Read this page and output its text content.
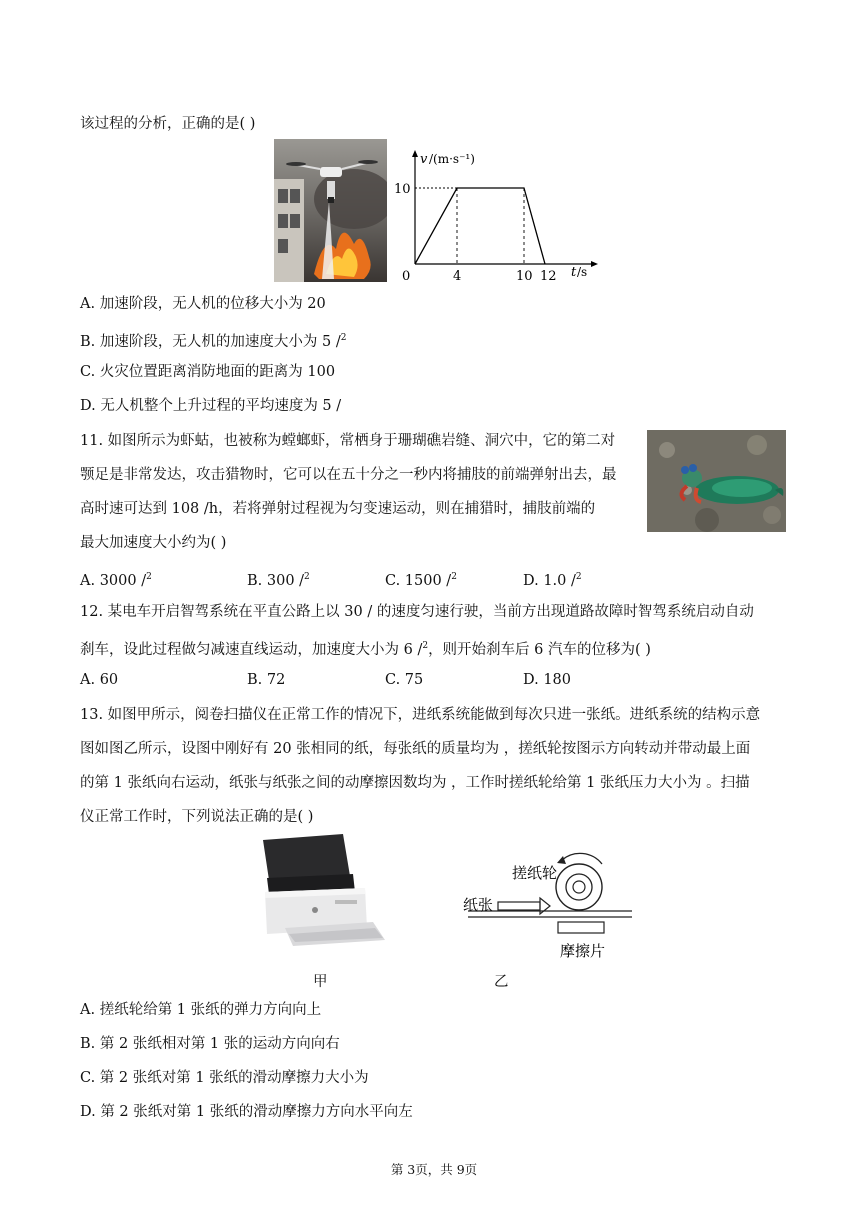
该过程的分析，正确的是( )
10
0	4	10 12
v /(m·s⁻¹)
t /s
A. 加速阶段，无人机的位移大小为 20
B. 加速阶段，无人机的加速度大小为 5 /$^2$
C. 火灾位置距离消防地面的距离为 100
D. 无人机整个上升过程的平均速度为 5 /
11. 如图所示为虾蛄，也被称为螳螂虾，常栖身于珊瑚礁岩缝、洞穴中，它的第二对
颚足是非常发达，攻击猎物时，它可以在五十分之一秒内将捕肢的前端弹射出去，最
高时速可达到 108 /h，若将弹射过程视为匀变速运动，则在捕猎时，捕肢前端的
最大加速度大小约为( )
A. 3000 /$^2$	B. 300 /$^2$	C. 1500 /$^2$	D. 1.0 /$^2$
12. 某电车开启智驾系统在平直公路上以 30 / 的速度匀速行驶，当前方出现道路故障时智驾系统启动自动
刹车，设此过程做匀减速直线运动，加速度大小为 6 /$^2$，则开始刹车后 6 汽车的位移为( )
A. 60	B. 72	C. 75	D. 180
13. 如图甲所示，阅卷扫描仪在正常工作的情况下，进纸系统能做到每次只进一张纸。进纸系统的结构示意
图如图乙所示，设图中刚好有 20 张相同的纸，每张纸的质量均为 ，搓纸轮按图示方向转动并带动最上面
的第 1 张纸向右运动，纸张与纸张之间的动摩擦因数均为 ，工作时搓纸轮给第 1 张纸压力大小为 。扫描
仪正常工作时，下列说法正确的是( )
搓纸轮
纸张
摩擦片
甲	乙
A. 搓纸轮给第 1 张纸的弹力方向向上
B. 第 2 张纸相对第 1 张的运动方向向右
C. 第 2 张纸对第 1 张纸的滑动摩擦力大小为
D. 第 2 张纸对第 1 张纸的滑动摩擦力方向水平向左
第 3页，共 9页
